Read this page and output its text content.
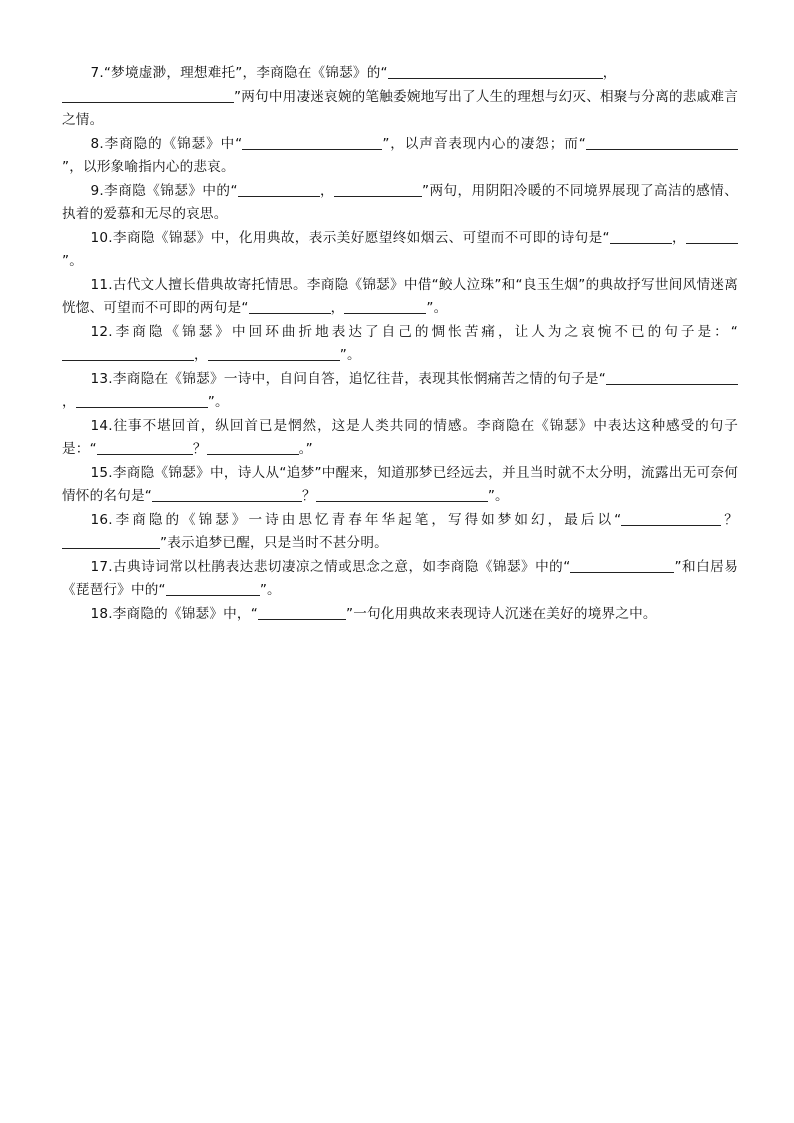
7.“梦境虚渺，理想难托”，李商隐在《锦瑟》的“	，
”两句中用凄迷哀婉的笔触委婉地写出了人生的理想与幻灭、相聚与分离的悲戚难言之情。

8.李商隐的《锦瑟》中“	”，以声音表现内心的凄怨；而“”，以形象喻指内心的悲哀。

9.李商隐《锦瑟》中的“	，	”两句，用阴阳冷暖的不同境界展现了高洁的感情、执着的爱慕和无尽的哀思。

10.李商隐《锦瑟》中，化用典故，表示美好愿望终如烟云、可望而不可即的诗句是“	，”。

11.古代文人擅长借典故寄托情思。李商隐《锦瑟》中借“鲛人泣珠”和“良玉生烟”的典故抒写世间风情迷离恍惚、可望而不可即的两句是“	，	”。

12.李商隐《锦瑟》中回环曲折地表达了自己的惆怅苦痛，让人为之哀惋不已的句子是：“，	”。

13.李商隐在《锦瑟》一诗中，自问自答，追忆往昔，表现其怅惘痛苦之情的句子是“，	”。

14.往事不堪回首，纵回首已是惘然，这是人类共同的情感。李商隐在《锦瑟》中表达这种感受的句子是：“	？	。”

15.李商隐《锦瑟》中，诗人从“追梦”中醒来，知道那梦已经远去，并且当时就不太分明，流露出无可奈何情怀的名句是“	？	”。

16.李商隐的《锦瑟》一诗由思忆青春年华起笔，写得如梦如幻，最后以“	？”表示追梦已醒，只是当时不甚分明。

17.古典诗词常以杜鹃表达悲切凄凉之情或思念之意，如李商隐《锦瑟》中的“	”和白居易《琵琶行》中的“	”。

18.李商隐的《锦瑟》中，“	”一句化用典故来表现诗人沉迷在美好的境界之中。
